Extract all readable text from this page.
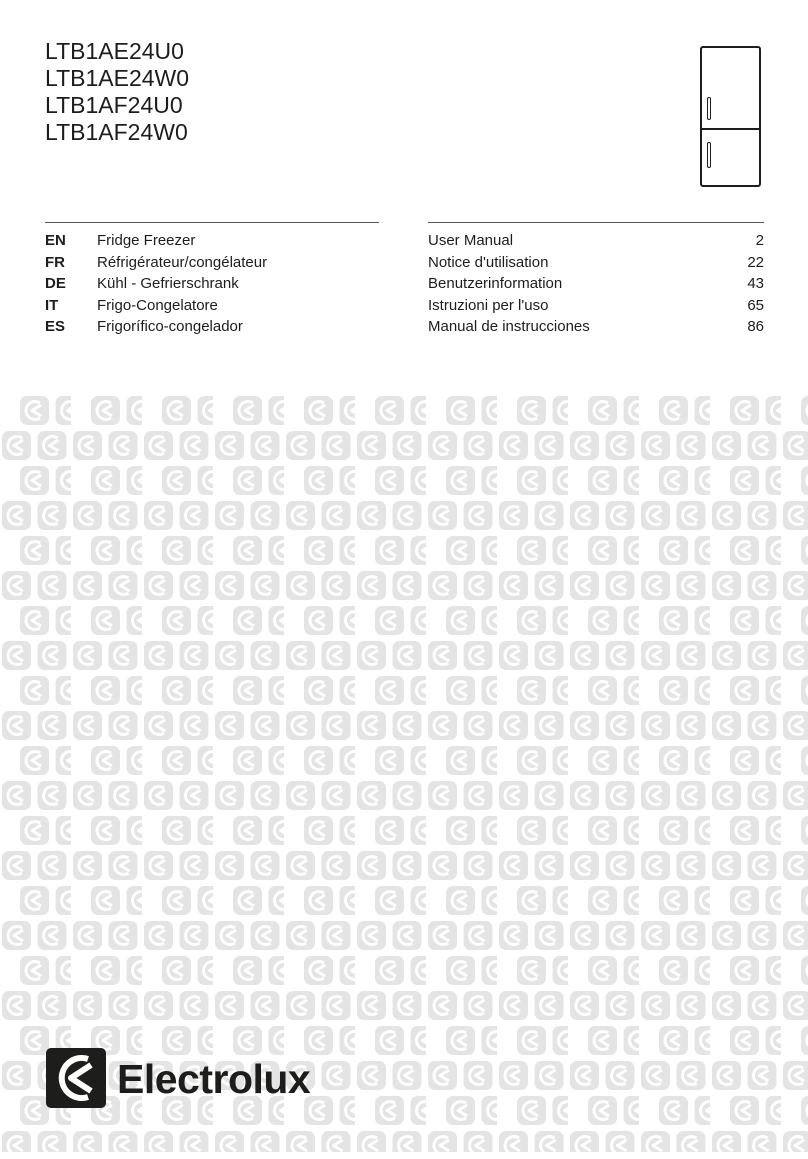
LTB1AE24U0
LTB1AE24W0
LTB1AF24U0
LTB1AF24W0
EN Fridge Freezer	User Manual	2
FR Réfrigérateur/congélateur	Notice d'utilisation	22
DE Kühl - Gefrierschrank	Benutzerinformation	43
IT	Frigo-Congelatore	Istruzioni per l'uso	65
ES Frigorífico-congelador	Manual de instrucciones	86
Electrolux
